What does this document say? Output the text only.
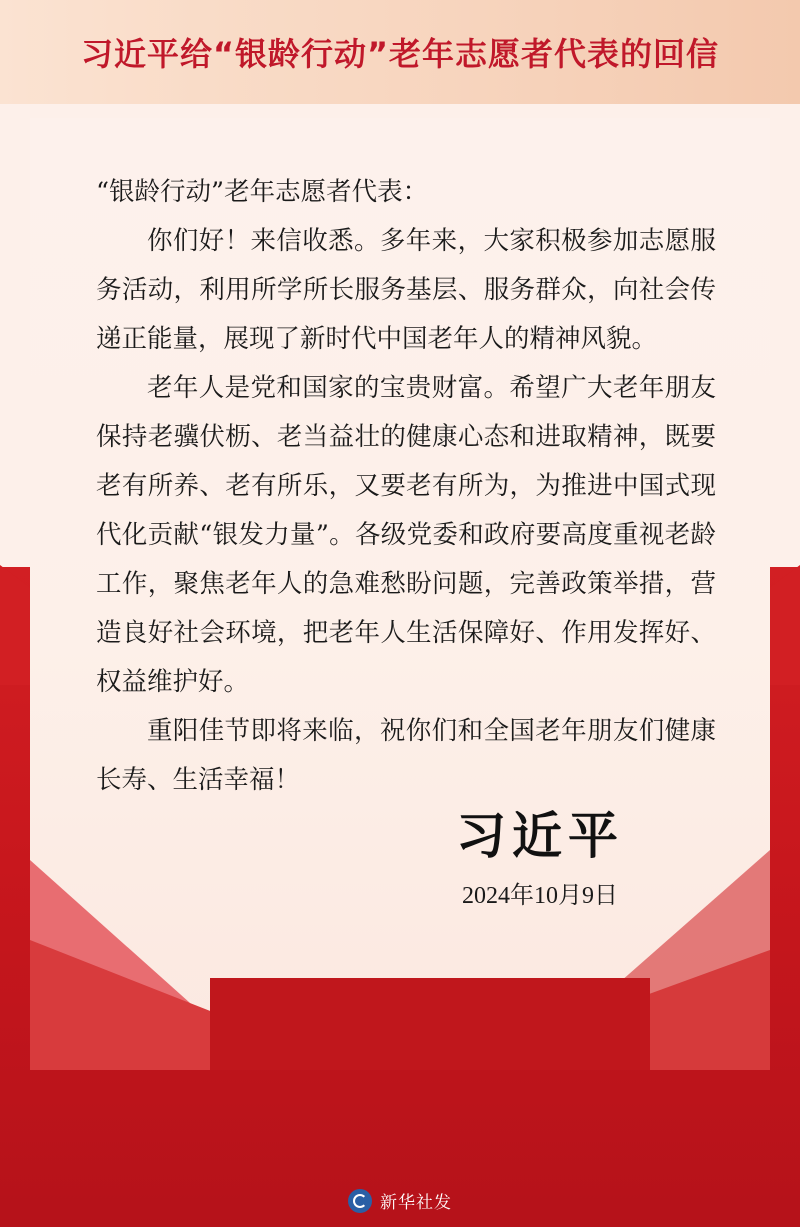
习近平给“银龄行动”老年志愿者代表的回信

“银龄行动”老年志愿者代表：

你们好！来信收悉。多年来，大家积极参加志愿服务活动，利用所学所长服务基层、服务群众，向社会传递正能量，展现了新时代中国老年人的精神风貌。

老年人是党和国家的宝贵财富。希望广大老年朋友保持老骥伏枥、老当益壮的健康心态和进取精神，既要老有所养、老有所乐，又要老有所为，为推进中国式现代化贡献“银发力量”。各级党委和政府要高度重视老龄工作，聚焦老年人的急难愁盼问题，完善政策举措，营造良好社会环境，把老年人生活保障好、作用发挥好、权益维护好。

重阳佳节即将来临，祝你们和全国老年朋友们健康长寿、生活幸福！

习近平
2024年10月9日
新华社发
